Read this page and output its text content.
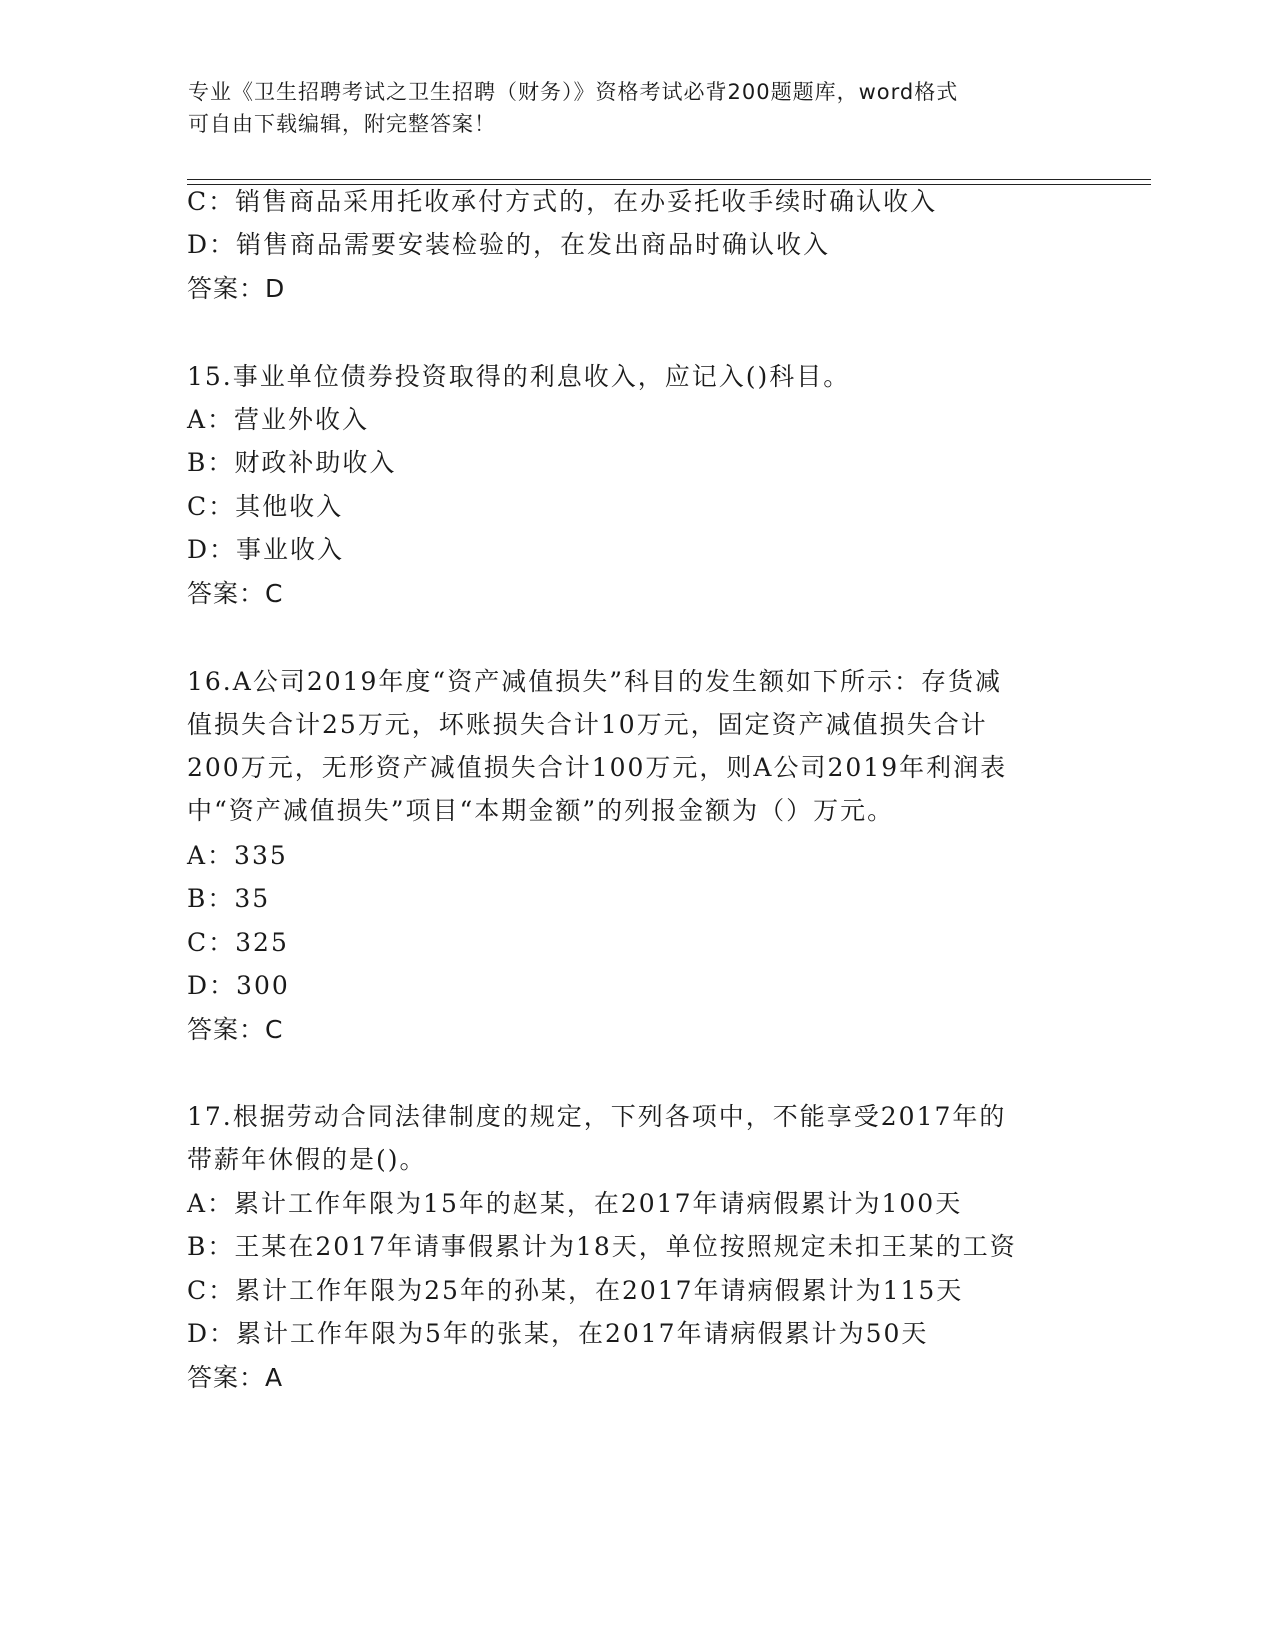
专业《卫生招聘考试之卫生招聘（财务）》资格考试必背200题题库，word格式
可自由下载编辑，附完整答案！
C：销售商品采用托收承付方式的，在办妥托收手续时确认收入
D：销售商品需要安装检验的，在发出商品时确认收入
答案：D
15.事业单位债券投资取得的利息收入，应记入()科目。
A：营业外收入
B：财政补助收入
C：其他收入
D：事业收入
答案：C
16.A公司2019年度“资产减值损失”科目的发生额如下所示：存货减
值损失合计25万元，坏账损失合计10万元，固定资产减值损失合计
200万元，无形资产减值损失合计100万元，则A公司2019年利润表
中“资产减值损失”项目“本期金额”的列报金额为（）万元。
A：335
B：35
C：325
D：300
答案：C
17.根据劳动合同法律制度的规定，下列各项中，不能享受2017年的
带薪年休假的是()。
A：累计工作年限为15年的赵某，在2017年请病假累计为100天
B：王某在2017年请事假累计为18天，单位按照规定未扣王某的工资
C：累计工作年限为25年的孙某，在2017年请病假累计为115天
D：累计工作年限为5年的张某，在2017年请病假累计为50天
答案：A
